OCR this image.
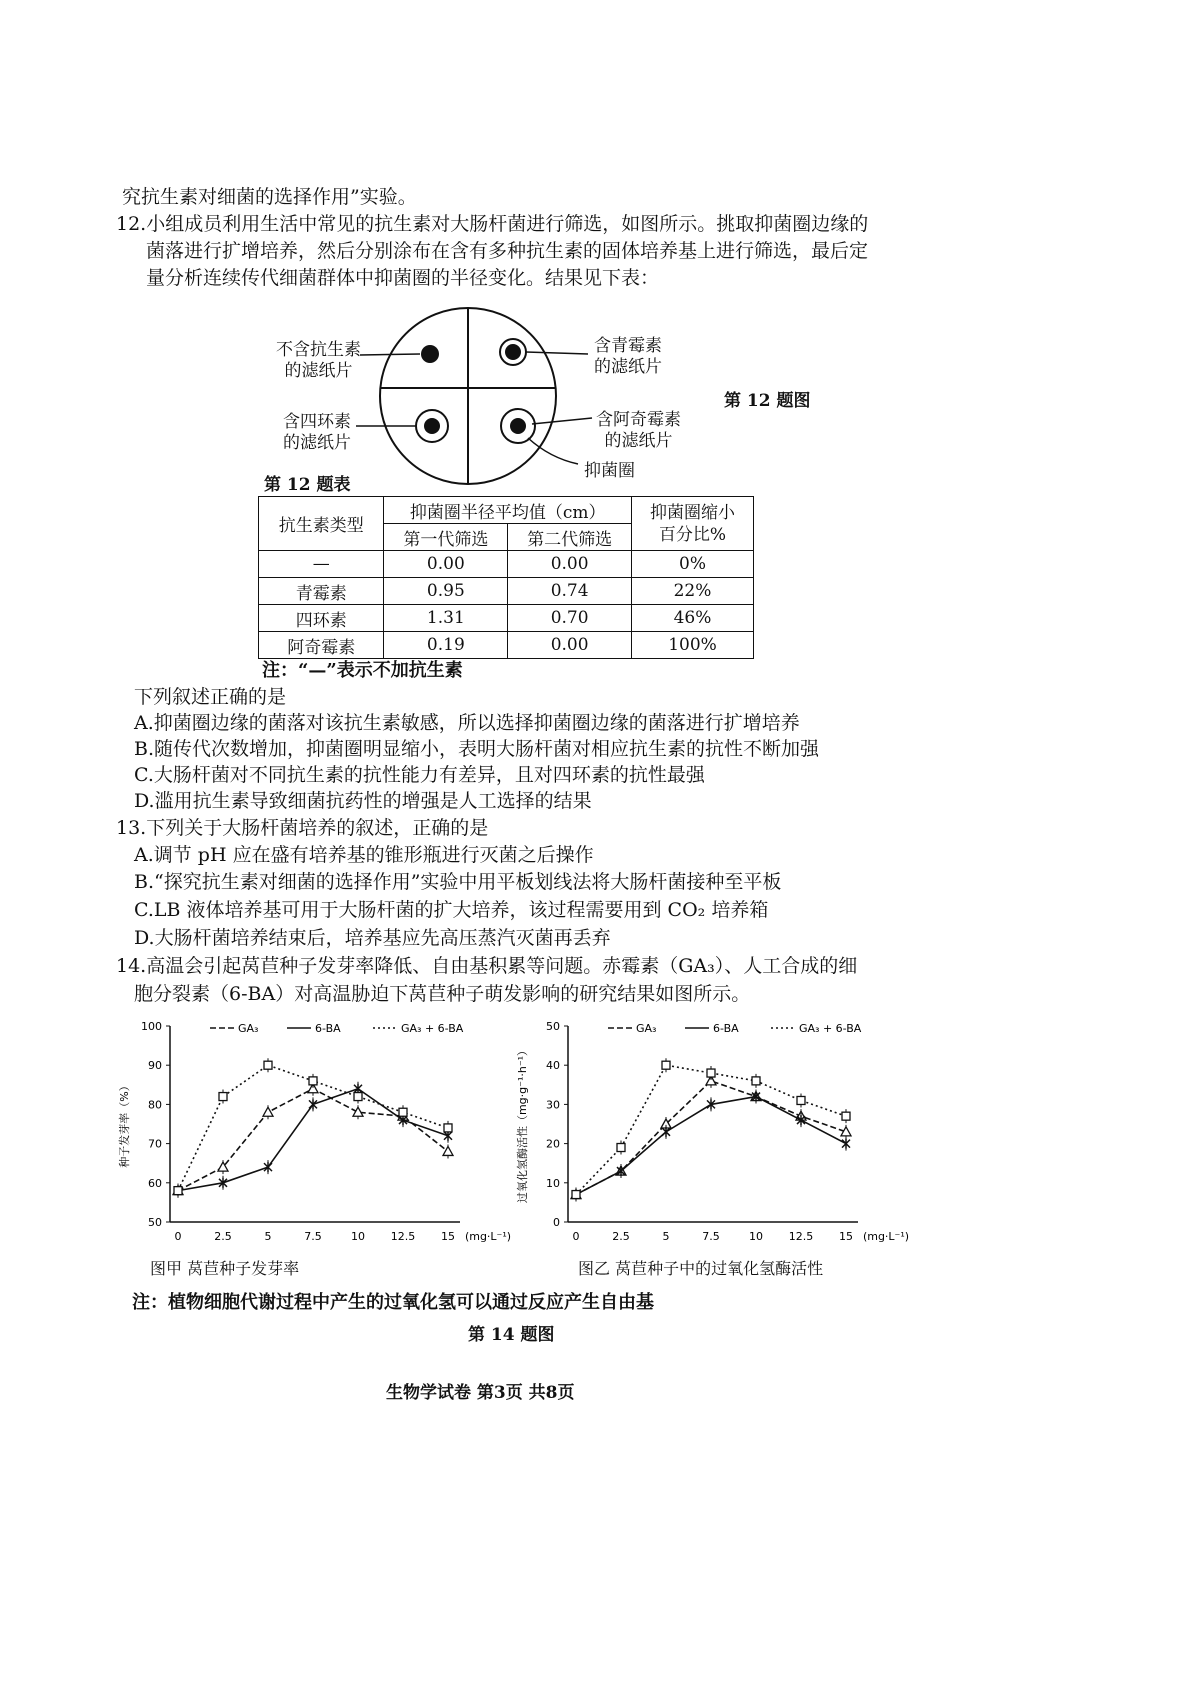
究抗生素对细菌的选择作用”实验。
12.小组成员利用生活中常见的抗生素对大肠杆菌进行筛选，如图所示。挑取抑菌圈边缘的
菌落进行扩增培养，然后分别涂布在含有多种抗生素的固体培养基上进行筛选，最后定
量分析连续传代细菌群体中抑菌圈的半径变化。结果见下表：
不含抗生素
的滤纸片
含青霉素
的滤纸片
含四环素
的滤纸片
含阿奇霉素
的滤纸片
抑菌圈
第 12 题图
第 12 题表
抗生素类型	抑菌圈半径平均值（cm）		抑菌圈缩小
百分比%

	第一代筛选	第二代筛选	
—	0.00	0.00	0%
青霉素	0.95	0.74	22%
四环素	1.31	0.70	46%
阿奇霉素	0.19	0.00	100%
注：“—”表示不加抗生素
下列叙述正确的是
A.抑菌圈边缘的菌落对该抗生素敏感，所以选择抑菌圈边缘的菌落进行扩增培养
B.随传代次数增加，抑菌圈明显缩小，表明大肠杆菌对相应抗生素的抗性不断加强
C.大肠杆菌对不同抗生素的抗性能力有差异，且对四环素的抗性最强
D.滥用抗生素导致细菌抗药性的增强是人工选择的结果
13.下列关于大肠杆菌培养的叙述，正确的是
A.调节 pH 应在盛有培养基的锥形瓶进行灭菌之后操作
B.“探究抗生素对细菌的选择作用”实验中用平板划线法将大肠杆菌接种至平板
C.LB 液体培养基可用于大肠杆菌的扩大培养，该过程需要用到 CO₂ 培养箱
D.大肠杆菌培养结束后，培养基应先高压蒸汽灭菌再丢弃
14.高温会引起莴苣种子发芽率降低、自由基积累等问题。赤霉素（GA₃）、人工合成的细
胞分裂素（6-BA）对高温胁迫下莴苣种子萌发影响的研究结果如图所示。
50
60
70
80
90
100
0	2.5	5	7.5	10 12.5 15 (mg·L⁻¹)
种子发芽率（%）
GA₃	6-BA	GA₃ + 6-BA
0
10
20
30
40
50
0	2.5	5	7.5	10 12.5 15 (mg·L⁻¹)
过氧化氢酶活性（mg·g⁻¹·h⁻¹）
GA₃	6-BA	GA₃ + 6-BA
图甲 莴苣种子发芽率	图乙 莴苣种子中的过氧化氢酶活性
注：植物细胞代谢过程中产生的过氧化氢可以通过反应产生自由基
第 14 题图
生物学试卷 第3页 共8页
